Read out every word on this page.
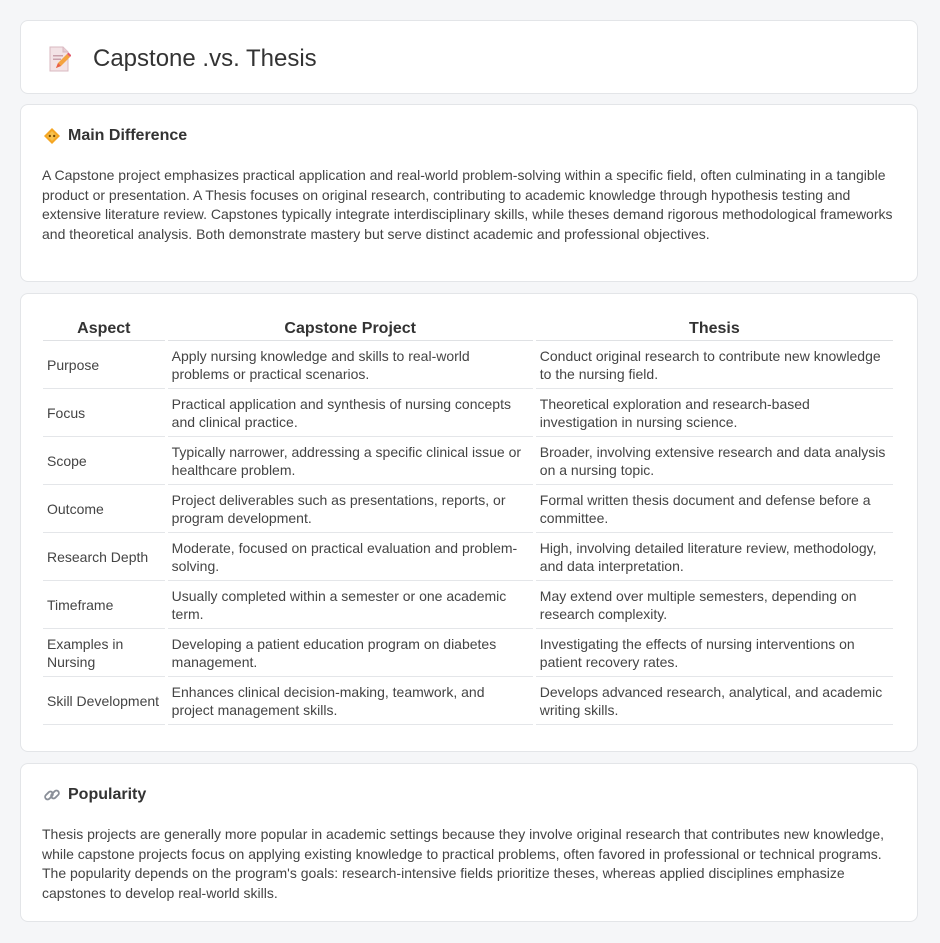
Capstone .vs. Thesis
Main Difference

A Capstone project emphasizes practical application and real-world problem-solving within a specific field, often culminating in a tangible product or presentation. A Thesis focuses on original research, contributing to academic knowledge through hypothesis testing and extensive literature review. Capstones typically integrate interdisciplinary skills, while theses demand rigorous methodological frameworks and theoretical analysis. Both demonstrate mastery but serve distinct academic and professional objectives.

Aspect	Capstone Project	Thesis
Purpose	Apply nursing knowledge and skills to real-world problems or practical scenarios.	Conduct original research to contribute new knowledge to the nursing field.
Focus	Practical application and synthesis of nursing concepts and clinical practice.	Theoretical exploration and research-based investigation in nursing science.
Scope	Typically narrower, addressing a specific clinical issue or healthcare problem.	Broader, involving extensive research and data analysis on a nursing topic.
Outcome	Project deliverables such as presentations, reports, or program development.	Formal written thesis document and defense before a committee.
Research Depth	Moderate, focused on practical evaluation and problem-solving.	High, involving detailed literature review, methodology, and data interpretation.
Timeframe	Usually completed within a semester or one academic term.	May extend over multiple semesters, depending on research complexity.
Examples in Nursing	Developing a patient education program on diabetes management.	Investigating the effects of nursing interventions on patient recovery rates.
Skill Development	Enhances clinical decision-making, teamwork, and project management skills.	Develops advanced research, analytical, and academic writing skills.
Popularity

Thesis projects are generally more popular in academic settings because they involve original research that contributes new knowledge, while capstone projects focus on applying existing knowledge to practical problems, often favored in professional or technical programs. The popularity depends on the program's goals: research-intensive fields prioritize theses, whereas applied disciplines emphasize capstones to develop real-world skills.
